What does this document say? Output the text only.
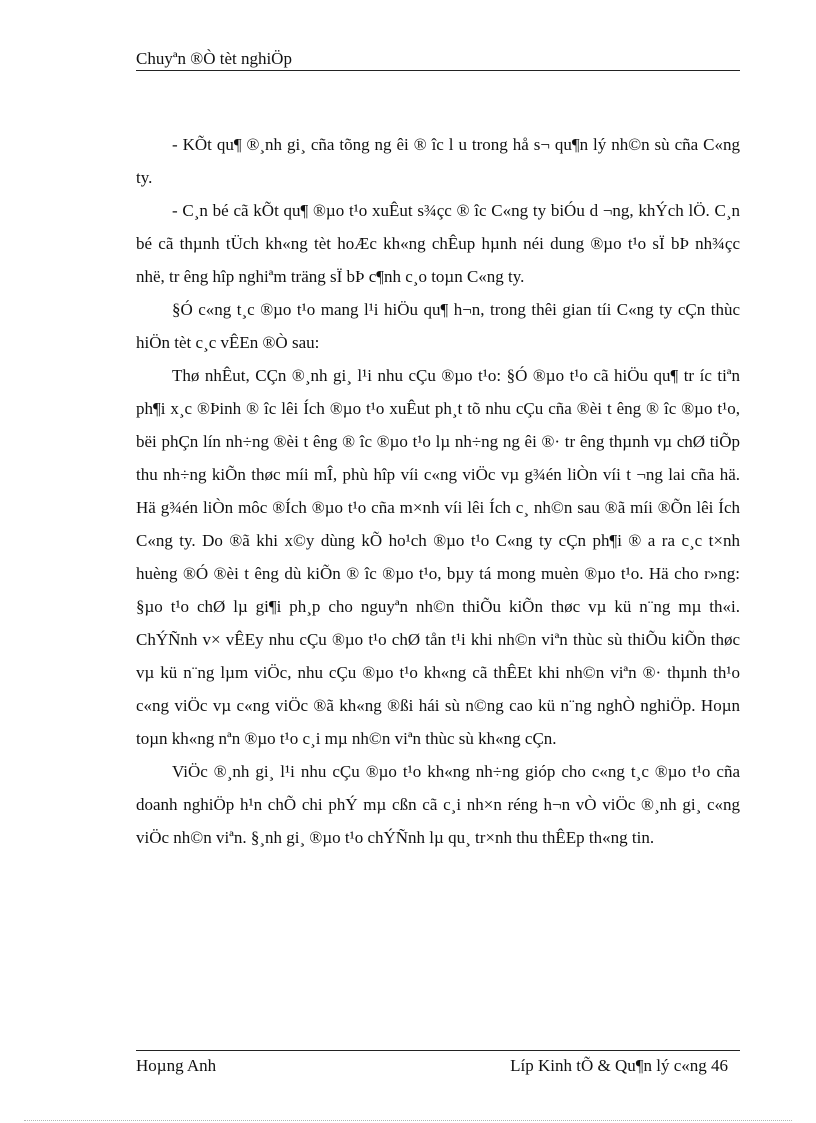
Chuyªn ®Ò tèt nghiÖp

- KÕt qu¶ ®¸nh gi¸ cña tõng ng êi ® îc l u trong hå s¬ qu¶n lý nh©n sù cña C«ng ty.

- C¸n bé cã kÕt qu¶ ®µo t¹o xuÊut s¾çc ® îc C«ng ty biÓu d ¬ng, khÝch lÖ. C¸n bé cã thµnh tÜch kh«ng tèt hoÆc kh«ng chÊup hµnh néi dung ®µo t¹o sÏ bÞ nh¾çc nhë, tr êng hîp nghiªm träng sÏ bÞ c¶nh c¸o toµn C«ng ty.

§Ó c«ng t¸c ®µo t¹o mang l¹i hiÖu qu¶ h¬n, trong thêi gian tíi C«ng ty cÇn thùc hiÖn tèt c¸c vÊEn ®Ò sau:

Thø nhÊut, CÇn ®¸nh gi¸ l¹i nhu cÇu ®µo t¹o: §Ó ®µo t¹o cã hiÖu qu¶ tr íc tiªn ph¶i x¸c ®Þinh ® îc lêi Ích ®µo t¹o xuÊut ph¸t tõ nhu cÇu cña ®èi t êng ® îc ®µo t¹o, bëi phÇn lín nh÷ng ®èi t êng ® îc ®µo t¹o lµ nh÷ng ng êi ®· tr êng thµnh vµ chØ tiÕp thu nh÷ng kiÕn thøc míi mÎ, phù hîp víi c«ng viÖc vµ g¾én liÒn víi t ¬ng lai cña hä. Hä g¾én liÒn môc ®Ích ®µo t¹o cña m×nh víi lêi Ích c¸ nh©n sau ®ã míi ®Õn lêi Ích C«ng ty. Do ®ã khi x©y dùng kÕ ho¹ch ®µo t¹o C«ng ty cÇn ph¶i ® a ra c¸c t×nh huèng ®Ó ®èi t êng dù kiÕn ® îc ®µo t¹o, bµy tá mong muèn ®µo t¹o. Hä cho r»ng: §µo t¹o chØ lµ gi¶i ph¸p cho nguyªn nh©n thiÕu kiÕn thøc vµ kü n¨ng mµ th«i. ChÝÑnh v× vÊEy nhu cÇu ®µo t¹o chØ tån t¹i khi nh©n viªn thùc sù thiÕu kiÕn thøc vµ kü n¨ng lµm viÖc, nhu cÇu ®µo t¹o kh«ng cã thÊEt khi nh©n viªn ®· thµnh th¹o c«ng viÖc vµ c«ng viÖc ®ã kh«ng ®ßi hái sù n©ng cao kü n¨ng nghÒ nghiÖp. Hoµn toµn kh«ng nªn ®µo t¹o c¸i mµ nh©n viªn thùc sù kh«ng cÇn.

ViÖc ®¸nh gi¸ l¹i nhu cÇu ®µo t¹o kh«ng nh÷ng gióp cho c«ng t¸c ®µo t¹o cña doanh nghiÖp h¹n chÕ chi phÝ mµ cßn cã c¸i nh×n réng h¬n vÒ viÖc ®¸nh gi¸ c«ng viÖc nh©n viªn. §¸nh gi¸ ®µo t¹o chÝÑnh lµ qu¸ tr×nh thu thÊEp th«ng tin.

Hoµng Anh	Líp Kinh tÕ & Qu¶n lý c«ng 46
